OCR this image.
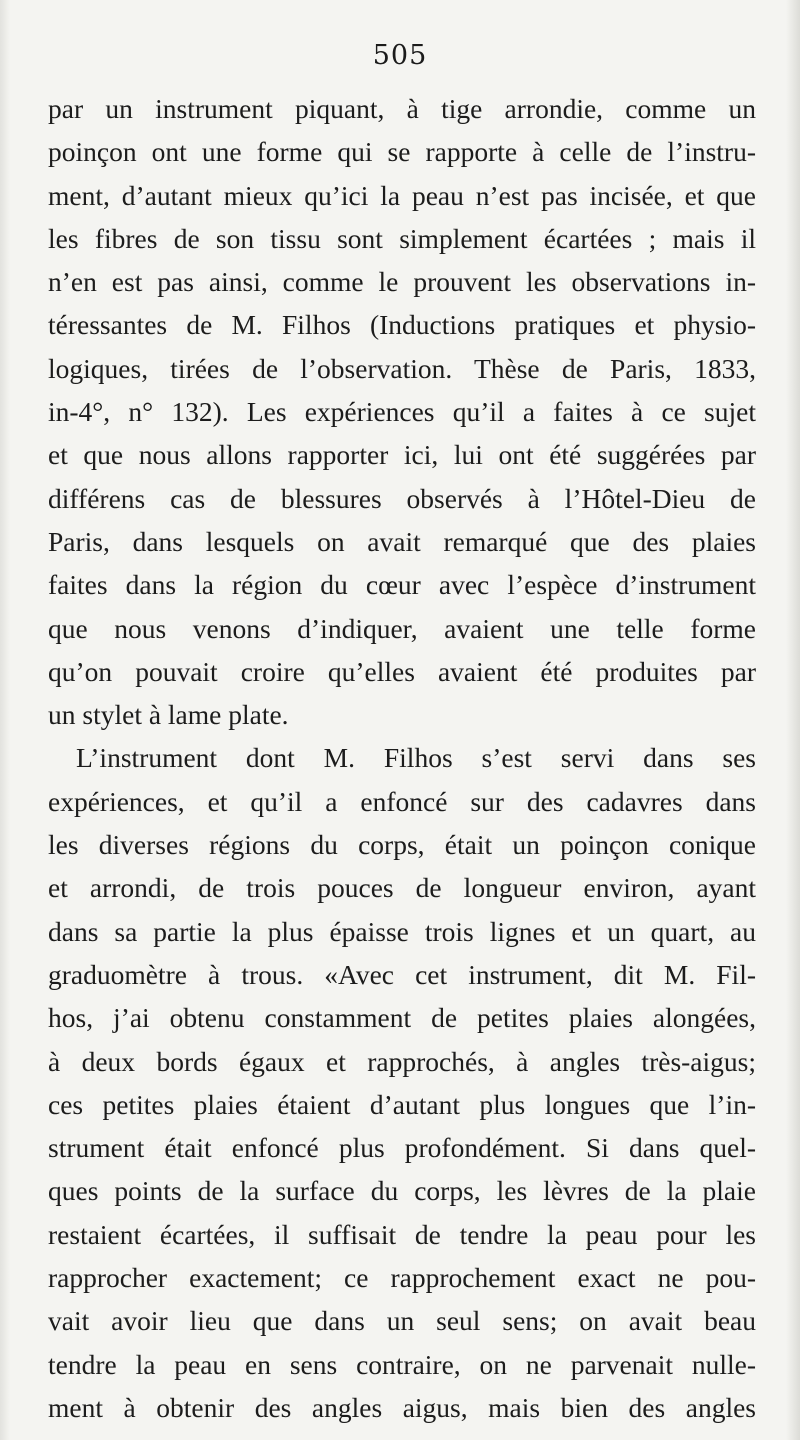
505
par un instrument piquant, à tige arrondie, comme un
poinçon ont une forme qui se rapporte à celle de l’instru-
ment, d’autant mieux qu’ici la peau n’est pas incisée, et que
les fibres de son tissu sont simplement écartées ; mais il
n’en est pas ainsi, comme le prouvent les observations in-
téressantes de M. Filhos (Inductions pratiques et physio-
logiques, tirées de l’observation. Thèse de Paris, 1833,
in-4°, n° 132). Les expériences qu’il a faites à ce sujet
et que nous allons rapporter ici, lui ont été suggérées par
différens cas de blessures observés à l’Hôtel-Dieu de
Paris, dans lesquels on avait remarqué que des plaies
faites dans la région du cœur avec l’espèce d’instrument
que nous venons d’indiquer, avaient une telle forme
qu’on pouvait croire qu’elles avaient été produites par
un stylet à lame plate.
L’instrument dont M. Filhos s’est servi dans ses
expériences, et qu’il a enfoncé sur des cadavres dans
les diverses régions du corps, était un poinçon conique
et arrondi, de trois pouces de longueur environ, ayant
dans sa partie la plus épaisse trois lignes et un quart, au
graduomètre à trous. «Avec cet instrument, dit M. Fil-
hos, j’ai obtenu constamment de petites plaies alongées,
à deux bords égaux et rapprochés, à angles très-aigus;
ces petites plaies étaient d’autant plus longues que l’in-
strument était enfoncé plus profondément. Si dans quel-
ques points de la surface du corps, les lèvres de la plaie
restaient écartées, il suffisait de tendre la peau pour les
rapprocher exactement; ce rapprochement exact ne pou-
vait avoir lieu que dans un seul sens; on avait beau
tendre la peau en sens contraire, on ne parvenait nulle-
ment à obtenir des angles aigus, mais bien des angles
